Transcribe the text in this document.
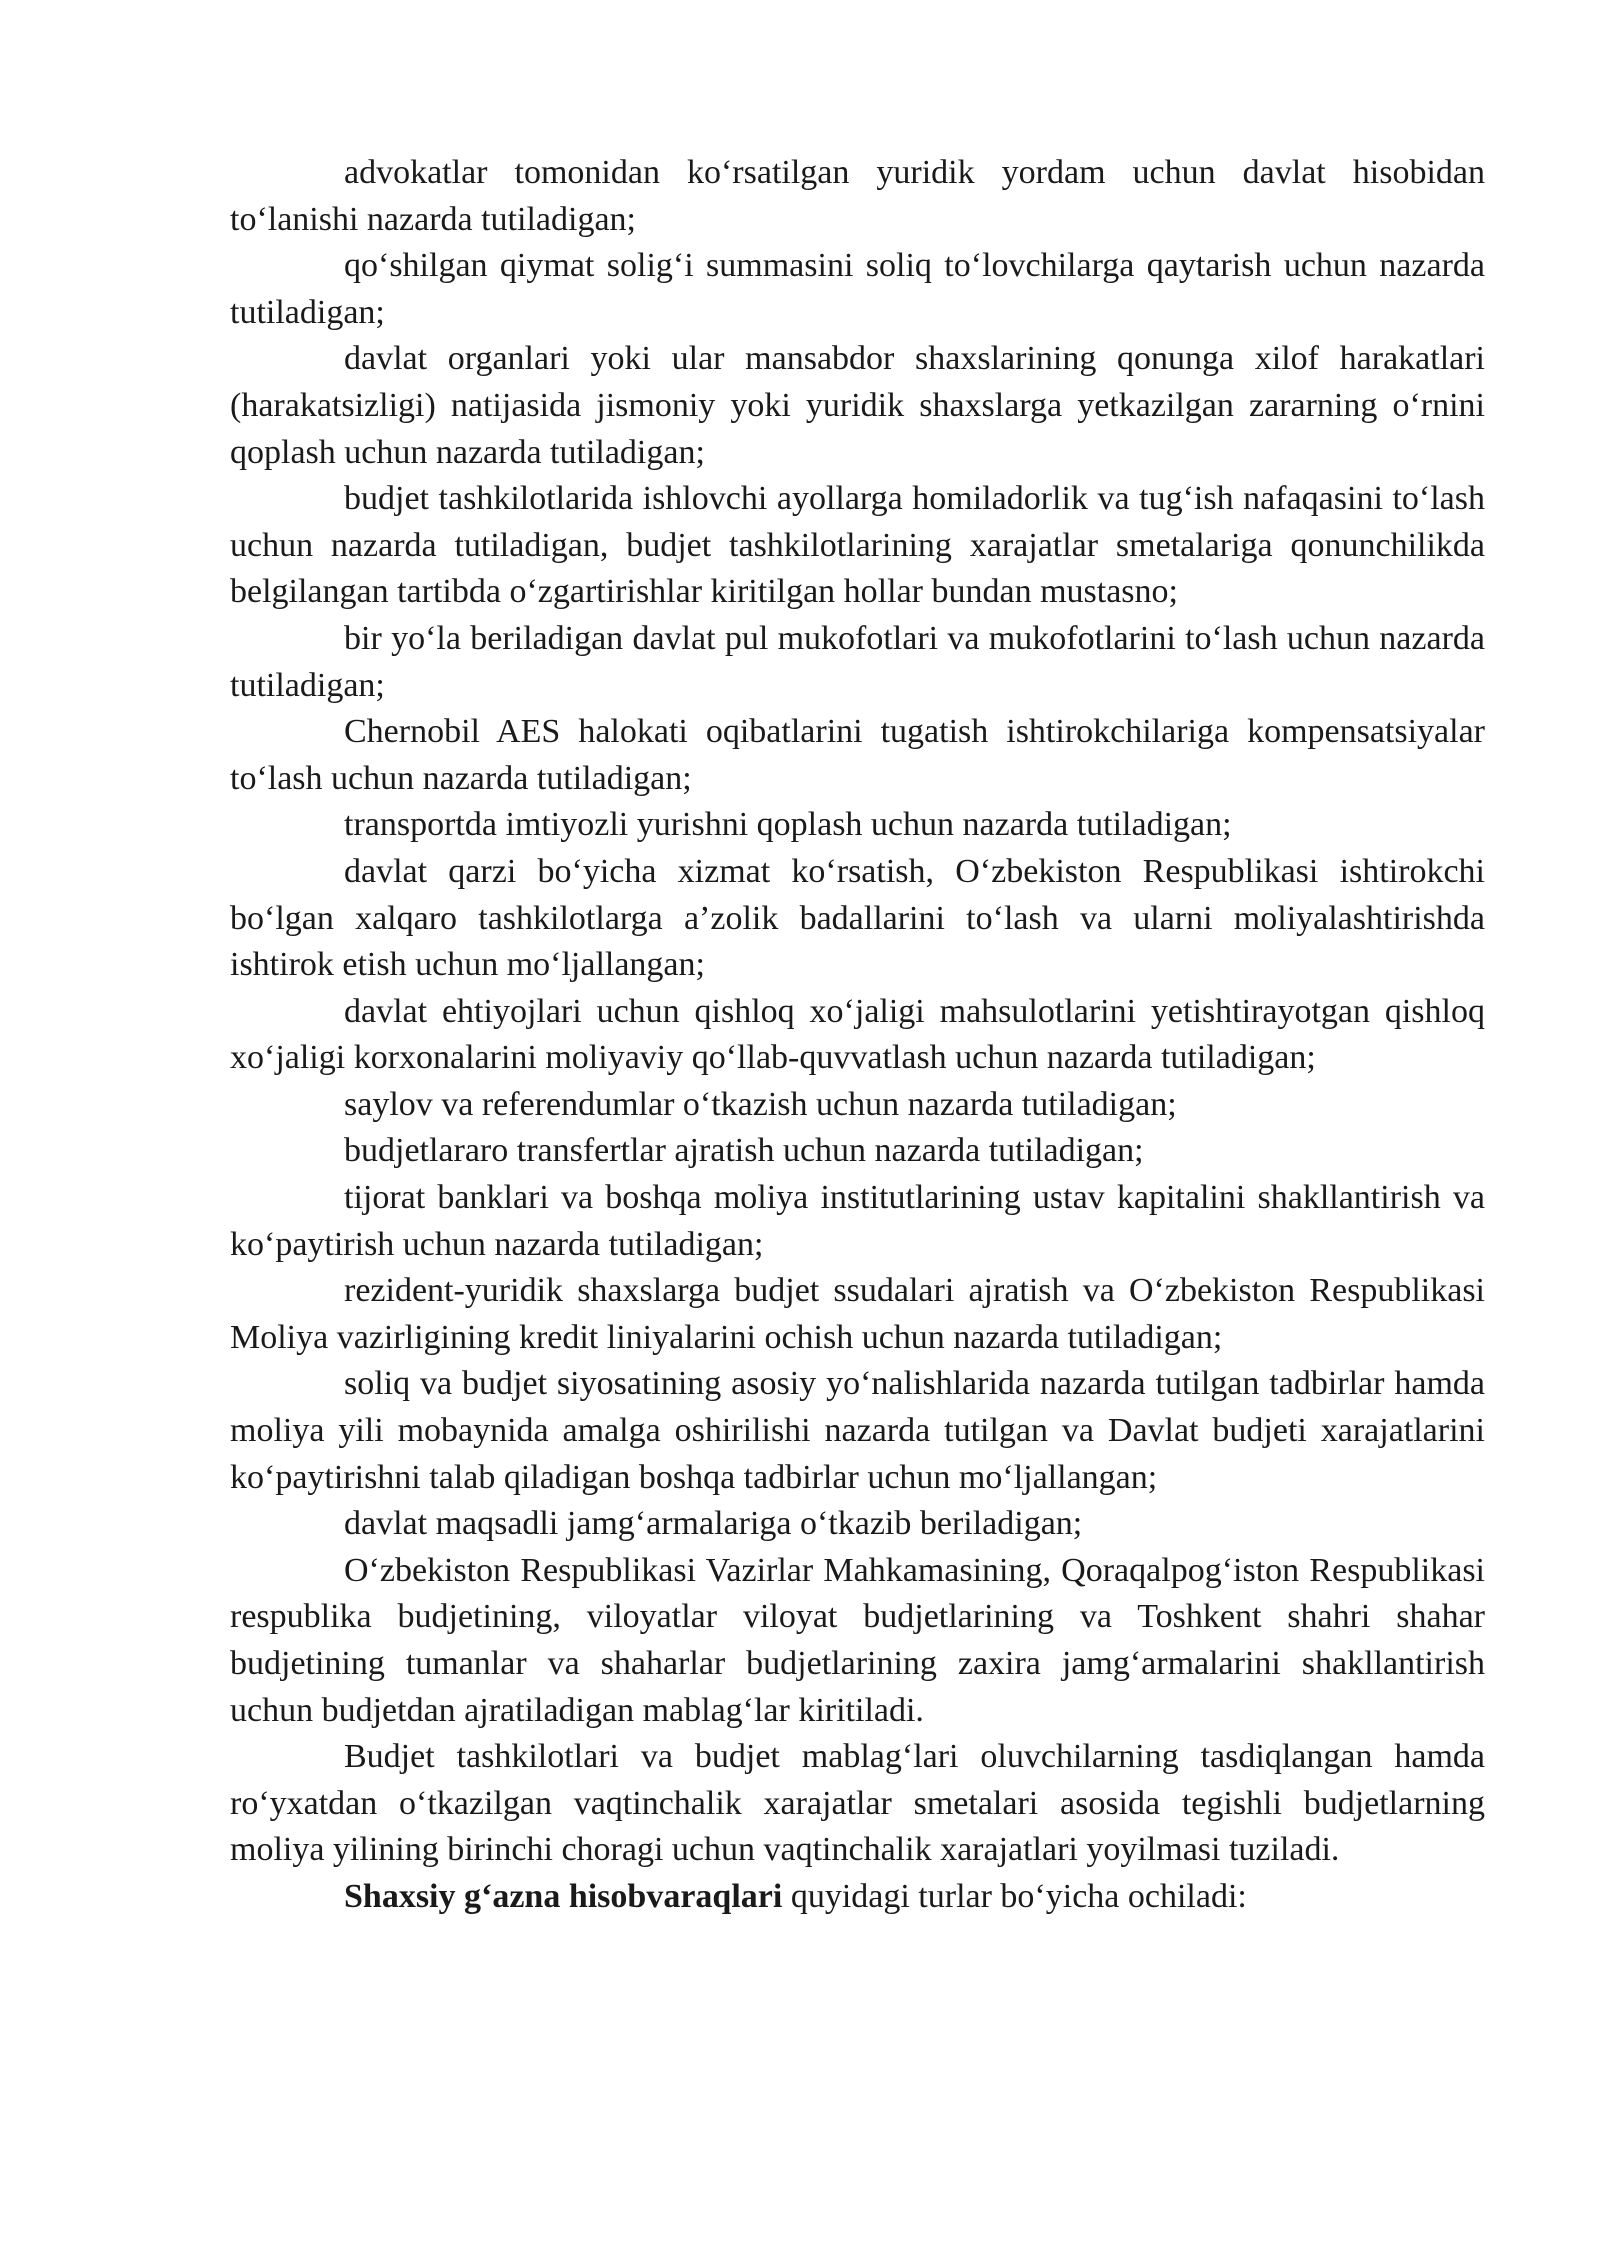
advokatlar tomonidan ko‘rsatilgan yuridik yordam uchun davlat hisobidan to‘lanishi nazarda tutiladigan;

qo‘shilgan qiymat solig‘i summasini soliq to‘lovchilarga qaytarish uchun nazarda tutiladigan;

davlat organlari yoki ular mansabdor shaxslarining qonunga xilof harakatlari (harakatsizligi) natijasida jismoniy yoki yuridik shaxslarga yetkazilgan zararning o‘rnini qoplash uchun nazarda tutiladigan;

budjet tashkilotlarida ishlovchi ayollarga homiladorlik va tug‘ish nafaqasini to‘lash uchun nazarda tutiladigan, budjet tashkilotlarining xarajatlar smetalariga qonunchilikda belgilangan tartibda o‘zgartirishlar kiritilgan hollar bundan mustasno;

bir yo‘la beriladigan davlat pul mukofotlari va mukofotlarini to‘lash uchun nazarda tutiladigan;

Chernobil AES halokati oqibatlarini tugatish ishtirokchilariga kompensatsiyalar to‘lash uchun nazarda tutiladigan;

transportda imtiyozli yurishni qoplash uchun nazarda tutiladigan;

davlat qarzi bo‘yicha xizmat ko‘rsatish, O‘zbekiston Respublikasi ishtirokchi bo‘lgan xalqaro tashkilotlarga a’zolik badallarini to‘lash va ularni moliyalashtirishda ishtirok etish uchun mo‘ljallangan;

davlat ehtiyojlari uchun qishloq xo‘jaligi mahsulotlarini yetishtirayotgan qishloq xo‘jaligi korxonalarini moliyaviy qo‘llab-quvvatlash uchun nazarda tutiladigan;

saylov va referendumlar o‘tkazish uchun nazarda tutiladigan;

budjetlararo transfertlar ajratish uchun nazarda tutiladigan;

tijorat banklari va boshqa moliya institutlarining ustav kapitalini shakllantirish va ko‘paytirish uchun nazarda tutiladigan;

rezident-yuridik shaxslarga budjet ssudalari ajratish va O‘zbekiston Respublikasi Moliya vazirligining kredit liniyalarini ochish uchun nazarda tutiladigan;

soliq va budjet siyosatining asosiy yo‘nalishlarida nazarda tutilgan tadbirlar hamda moliya yili mobaynida amalga oshirilishi nazarda tutilgan va Davlat budjeti xarajatlarini ko‘paytirishni talab qiladigan boshqa tadbirlar uchun mo‘ljallangan;

davlat maqsadli jamg‘armalariga o‘tkazib beriladigan;

O‘zbekiston Respublikasi Vazirlar Mahkamasining, Qoraqalpog‘iston Respublikasi respublika budjetining, viloyatlar viloyat budjetlarining va Toshkent shahri shahar budjetining tumanlar va shaharlar budjetlarining zaxira jamg‘armalarini shakllantirish uchun budjetdan ajratiladigan mablag‘lar kiritiladi.

Budjet tashkilotlari va budjet mablag‘lari oluvchilarning tasdiqlangan hamda ro‘yxatdan o‘tkazilgan vaqtinchalik xarajatlar smetalari asosida tegishli budjetlarning moliya yilining birinchi choragi uchun vaqtinchalik xarajatlari yoyilmasi tuziladi.

Shaxsiy g‘azna hisobvaraqlari quyidagi turlar bo‘yicha ochiladi:
